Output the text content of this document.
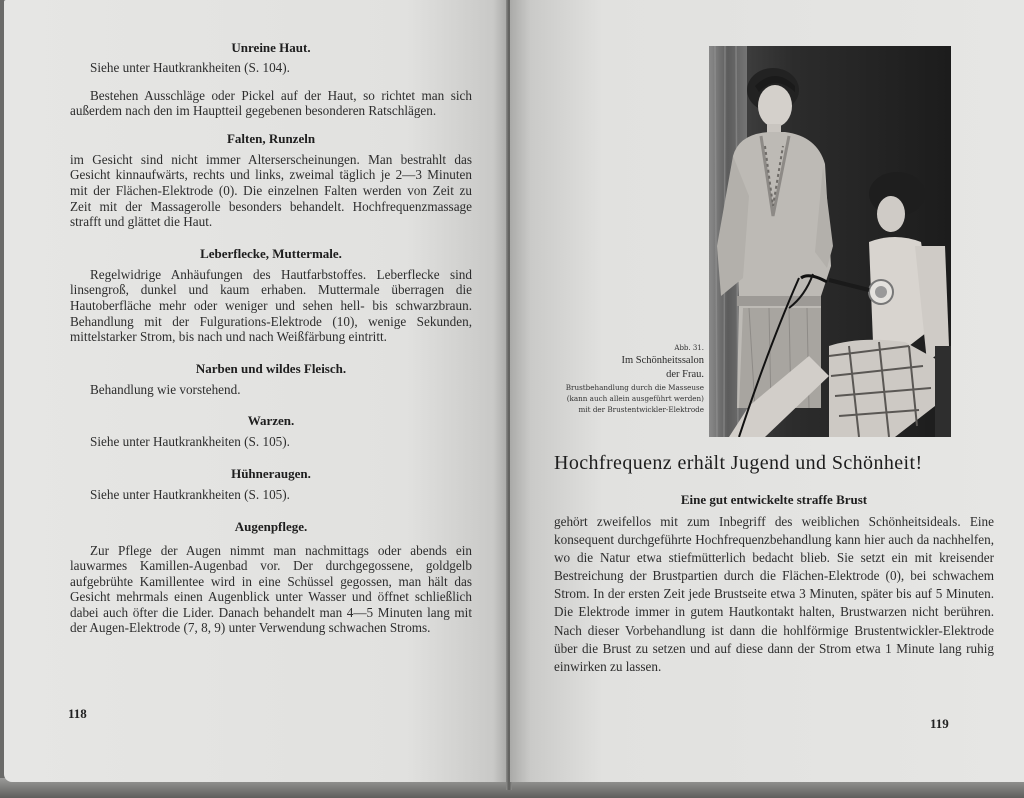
Unreine Haut.

Siehe unter Hautkrankheiten (S. 104).

Bestehen Ausschläge oder Pickel auf der Haut, so richtet man sich außerdem nach den im Hauptteil gegebenen besonderen Ratschlägen.

Falten, Runzeln

im Gesicht sind nicht immer Alterserscheinungen. Man bestrahlt das Gesicht kinnaufwärts, rechts und links, zweimal täglich je 2—3 Minuten mit der Flächen-Elektrode (0). Die einzelnen Falten werden von Zeit zu Zeit mit der Massagerolle besonders behandelt. Hochfrequenzmassage strafft und glättet die Haut.

Leberflecke, Muttermale.

Regelwidrige Anhäufungen des Hautfarbstoffes. Leberflecke sind linsengroß, dunkel und kaum erhaben. Muttermale überragen die Hautoberfläche mehr oder weniger und sehen hell- bis schwarzbraun. Behandlung mit der Fulgurations-Elektrode (10), wenige Sekunden, mittelstarker Strom, bis nach und nach Weißfärbung eintritt.

Narben und wildes Fleisch.

Behandlung wie vorstehend.

Warzen.

Siehe unter Hautkrankheiten (S. 105).

Hühneraugen.

Siehe unter Hautkrankheiten (S. 105).

Augenpflege.

Zur Pflege der Augen nimmt man nachmittags oder abends ein lauwarmes Kamillen-Augenbad vor. Der durchgegossene, goldgelb aufgebrühte Kamillentee wird in eine Schüssel gegossen, man hält das Gesicht mehrmals einen Augenblick unter Wasser und öffnet schließlich dabei auch öfter die Lider. Danach behandelt man 4—5 Minuten lang mit der Augen-Elektrode (7, 8, 9) unter Verwendung schwachen Stroms.

118
Abb. 31.
Im Schönheitssalon
der Frau.
Brustbehandlung durch die Masseuse (kann auch allein ausgeführt werden) mit der Brustentwickler-Elektrode
Hochfrequenz erhält Jugend und Schönheit!
Eine gut entwickelte straffe Brust

gehört zweifellos mit zum Inbegriff des weiblichen Schönheitsideals. Eine konsequent durchgeführte Hochfrequenzbehandlung kann hier auch da nachhelfen, wo die Natur etwa stiefmütterlich bedacht blieb. Sie setzt ein mit kreisender Bestreichung der Brustpartien durch die Flächen-Elektrode (0), bei schwachem Strom. In der ersten Zeit jede Brustseite etwa 3 Minuten, später bis auf 5 Minuten. Die Elektrode immer in gutem Hautkontakt halten, Brustwarzen nicht berühren. Nach dieser Vorbehandlung ist dann die hohlförmige Brustentwickler-Elektrode über die Brust zu setzen und auf diese dann der Strom etwa 1 Minute lang ruhig einwirken zu lassen.

119
